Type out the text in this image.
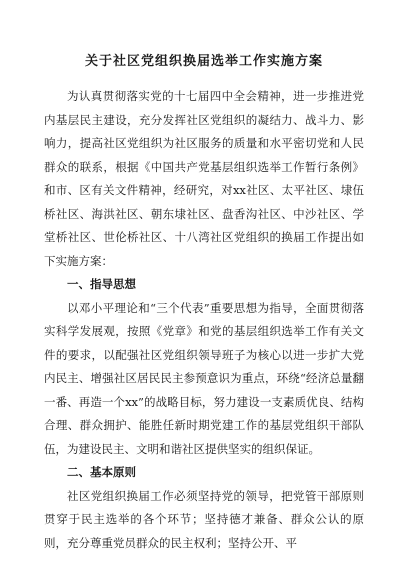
关于社区党组织换届选举工作实施方案

为认真贯彻落实党的十七届四中全会精神，进一步推进党内基层民主建设，充分发挥社区党组织的凝结力、战斗力、影响力，提高社区党组织为社区服务的质量和水平密切党和人民群众的联系，根据《中国共产党基层组织选举工作暂行条例》和市、区有关文件精神，经研究，对xx社区、太平社区、埭伍桥社区、海洪社区、朝东埭社区、盘香沟社区、中沙社区、学堂桥社区、世伦桥社区、十八湾社区党组织的换届工作提出如下实施方案：

一、指导思想

以邓小平理论和“三个代表”重要思想为指导，全面贯彻落实科学发展观，按照《党章》和党的基层组织选举工作有关文件的要求，以配强社区党组织领导班子为核心以进一步扩大党内民主、增强社区居民民主参预意识为重点，环绕“经济总量翻一番、再造一个xx”的战略目标，努力建设一支素质优良、结构合理、群众拥护、能胜任新时期党建工作的基层党组织干部队伍，为建设民主、文明和谐社区提供坚实的组织保证。

二、基本原则

社区党组织换届工作必须坚持党的领导，把党管干部原则贯穿于民主选举的各个环节；坚持德才兼备、群众公认的原则，充分尊重党员群众的民主权利；坚持公开、平
